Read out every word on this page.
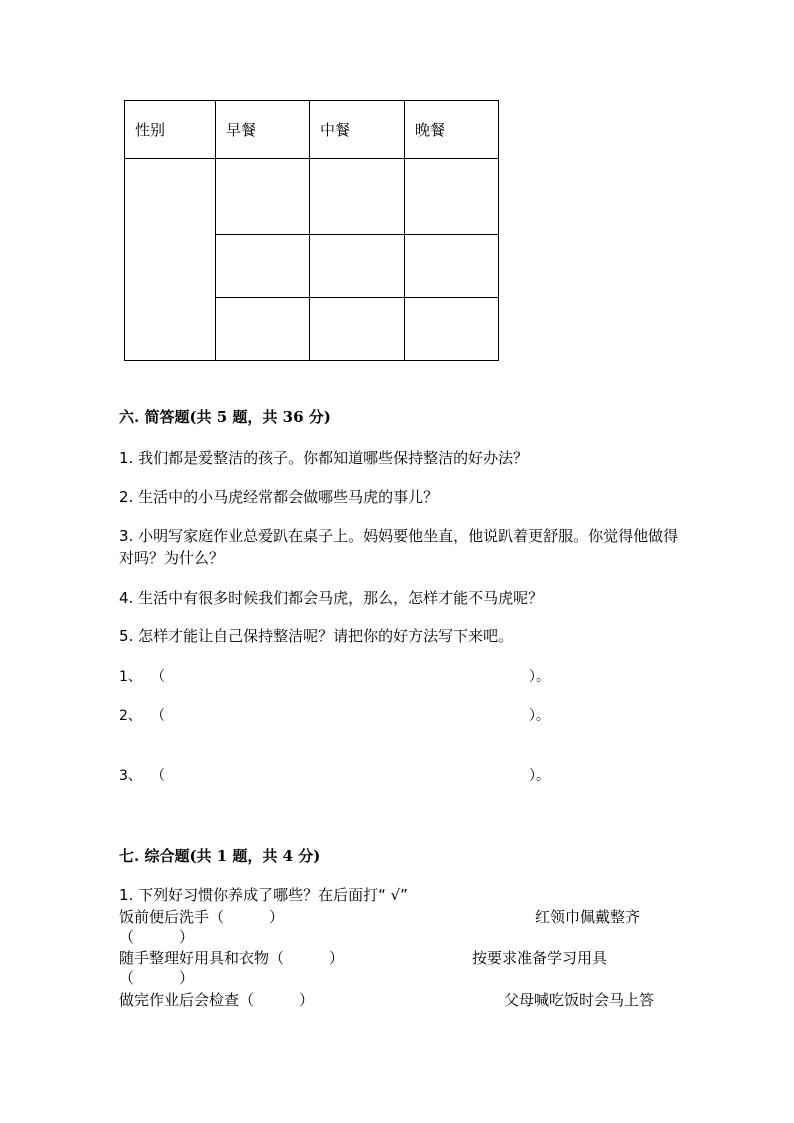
性别	早餐	中餐	晚餐

六. 简答题(共 5 题，共 36 分)
1. 我们都是爱整洁的孩子。你都知道哪些保持整洁的好办法？
2. 生活中的小马虎经常都会做哪些马虎的事儿？
3. 小明写家庭作业总爱趴在桌子上。妈妈要他坐直，他说趴着更舒服。你觉得他做得对吗？为什么？
4. 生活中有很多时候我们都会马虎，那么，怎样才能不马虎呢？
5. 怎样才能让自己保持整洁呢？请把你的好方法写下来吧。
1、 （	）。
2、 （	）。
3、 （	）。
七. 综合题(共 1 题，共 4 分)
1. 下列好习惯你养成了哪些？在后面打“ √”
饭前便后洗手（　　　）	红领巾佩戴整齐
（　　　）
随手整理好用具和衣物（　　　）	按要求准备学习用具
（　　　）
做完作业后会检查（　　　）	父母喊吃饭时会马上答
